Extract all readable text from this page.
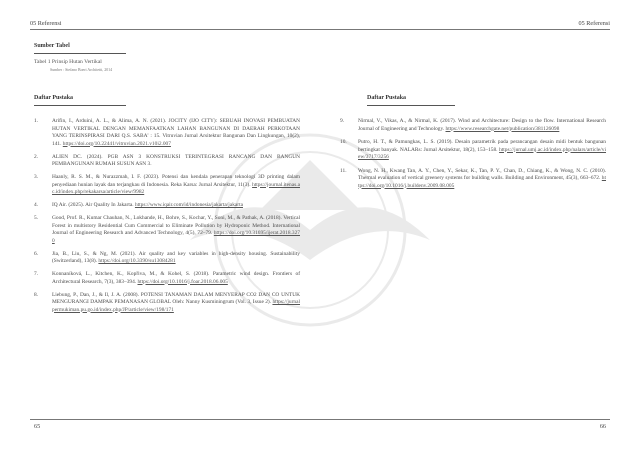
05 Referensi	05 Referensi
Sumber Tabel
Tabel 1 Prinsip Hutan Vertikal
Sumber : Stefano Boeri Architetti, 2014
Daftar Pustaka
1.	Arifin, I., Arduini, A. L., & Alima, A. N. (2021). JOCITY (IJO CITY): SEBUAH INOVASI PEMBUATAN HUTAN VERTIKAL DENGAN MEMANFAATKAN LAHAN BANGUNAN DI DAERAH PERKOTAAN YANG TERINSPIRASI DARI Q.S. SABA' : 15. Vitruvian Jurnal Arsitektur Bangunan Dan Lingkungan, 10(2), 141. https://doi.org/10.22441/vitruvian.2021.v10i2.007
2.	ALIEN DC. (2024). PGB ASN 3 KONSTRUKSI TERINTEGRASI RANCANG DAN BANGUN PEMBANGUNAN RUMAH SUSUN ASN 3.
3.	Haanly, R. S. M., & Nurazzmah, I. F. (2023). Potensi dan kendala penerapan teknologi 3D printing dalam penyediaan hunian layak dan terjangkau di Indonesia. Reka Karsa: Jurnal Arsitektur, 11(3). https://journal.itenas.ac.id/index.php/rekakarsa/article/view/9982
4.	IQ Air. (2025). Air Quality In Jakarta. https://www.iqair.com/id/indonesia/jakarta/jakarta
5.	Good, Prof. R., Kumar Chauhan, N., Lokhande, H., Bohre, S., Kochar, Y., Soni, M., & Pathak, A. (2018). Vertical Forest in multistory Residential Cum Commercial to Eliminate Pollution by Hydroponic Method. International Journal of Engineering Research and Advanced Technology, 4(5), 72–79. https://doi.org/10.31695/ijerat.2018.3270
6.	Jia, B., Liu, S., & Ng, M. (2021). Air quality and key variables in high-density housing. Sustainability (Switzerland), 13(8). https://doi.org/10.3390/su13084281
7.	Konnaníková, L., Kitchen, K., Kopřiva, M., & Kohel, S. (2018). Parametric wind design. Frontiers of Architectural Research, 7(3), 383–394. https://doi.org/10.1016/j.foar.2018.06.005
8.	Liebung, P., Dan, J., & Il, J. A. (2008). POTENSI TANAMAN DALAM MENYERAP CO2 DAN CO UNTUK MENGURANGI DAMPAK PEMANASAN GLOBAL Oleh: Nanny Kusminingrum (Vol. 3, Issue 2). https://jurnalpermukiman.pu.go.id/index.php/JP/article/view/198/171
Daftar Pustaka
9.	Nirmal, V., Vikas, A., & Nirmal, K. (2017). Wind and Architecture: Design to the flow. International Research Journal of Engineering and Technology. https://www.researchgate.net/publication/381126098
10. Putro, H. T., & Pamungkas, L. S. (2019). Desain parametrik pada perancangan desain midi bentuk bangunan bertingkat banyak. NALARs: Jurnal Arsitektur, 18(2), 153–158. https://jurnal.umj.ac.id/index.php/nalars/article/view/3717/3256
11. Wong, N. H., Kwang Tan, A. Y., Chen, Y., Sekar, K., Tan, P. Y., Chan, D., Chiang, K., & Wong, N. C. (2010). Thermal evaluation of vertical greenery systems for building walls. Building and Environment, 45(3), 663–672. https://doi.org/10.1016/j.buildenv.2009.08.005
65	66
